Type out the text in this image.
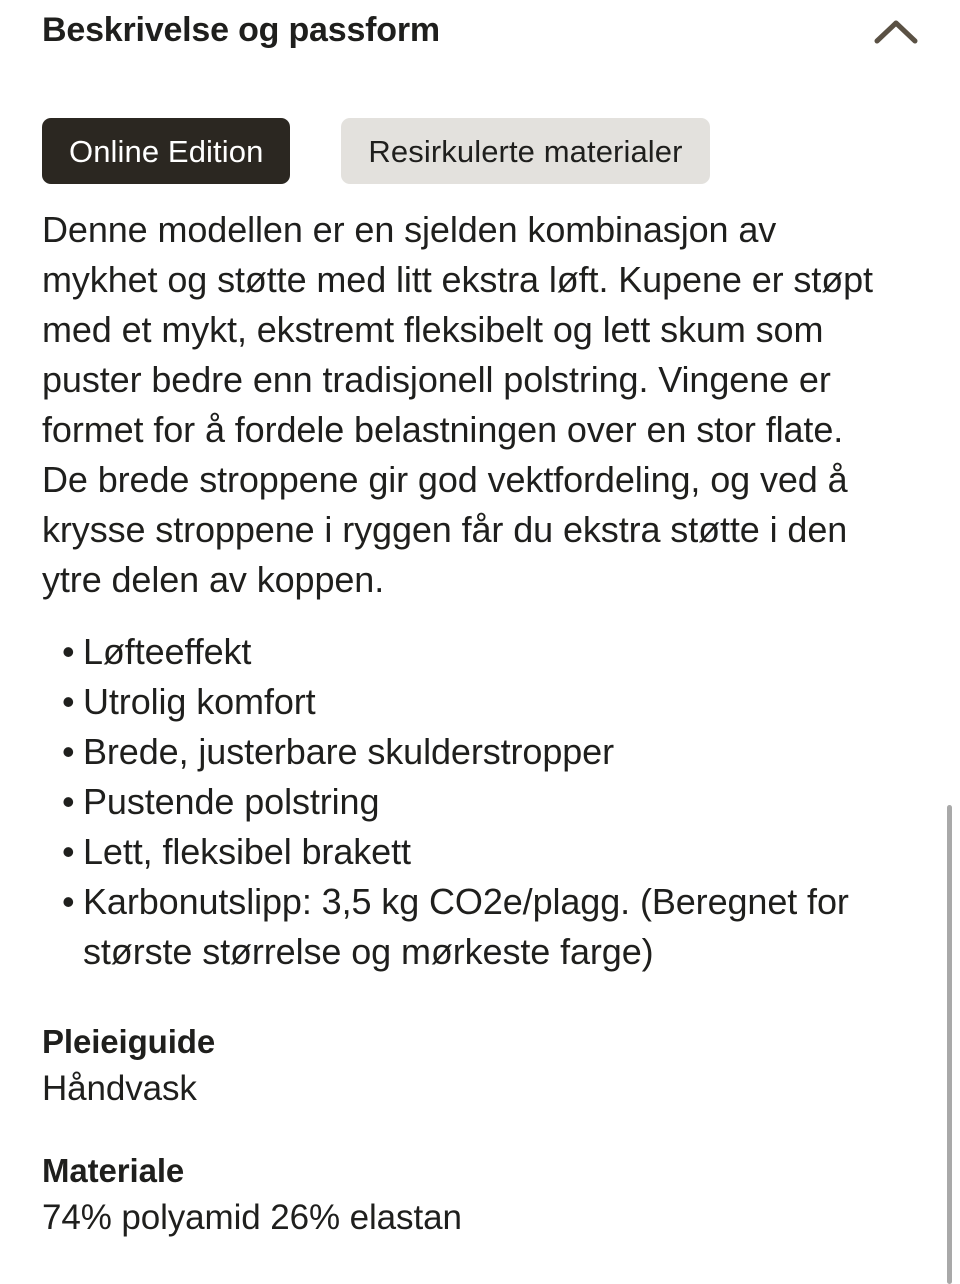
Beskrivelse og passform
Online Edition	Resirkulerte materialer

Denne modellen er en sjelden kombinasjon av mykhet og støtte med litt ekstra løft. Kupene er støpt med et mykt, ekstremt fleksibelt og lett skum som puster bedre enn tradisjonell polstring. Vingene er formet for å fordele belastningen over en stor flate. De brede stroppene gir god vektfordeling, og ved å krysse stroppene i ryggen får du ekstra støtte i den ytre delen av koppen.

• Løfteeffekt
• Utrolig komfort
• Brede, justerbare skulderstropper
• Pustende polstring
• Lett, fleksibel brakett
• Karbonutslipp: 3,5 kg CO2e/plagg. (Beregnet for største størrelse og mørkeste farge)
Pleieiguide
Håndvask
Materiale
74% polyamid 26% elastan
